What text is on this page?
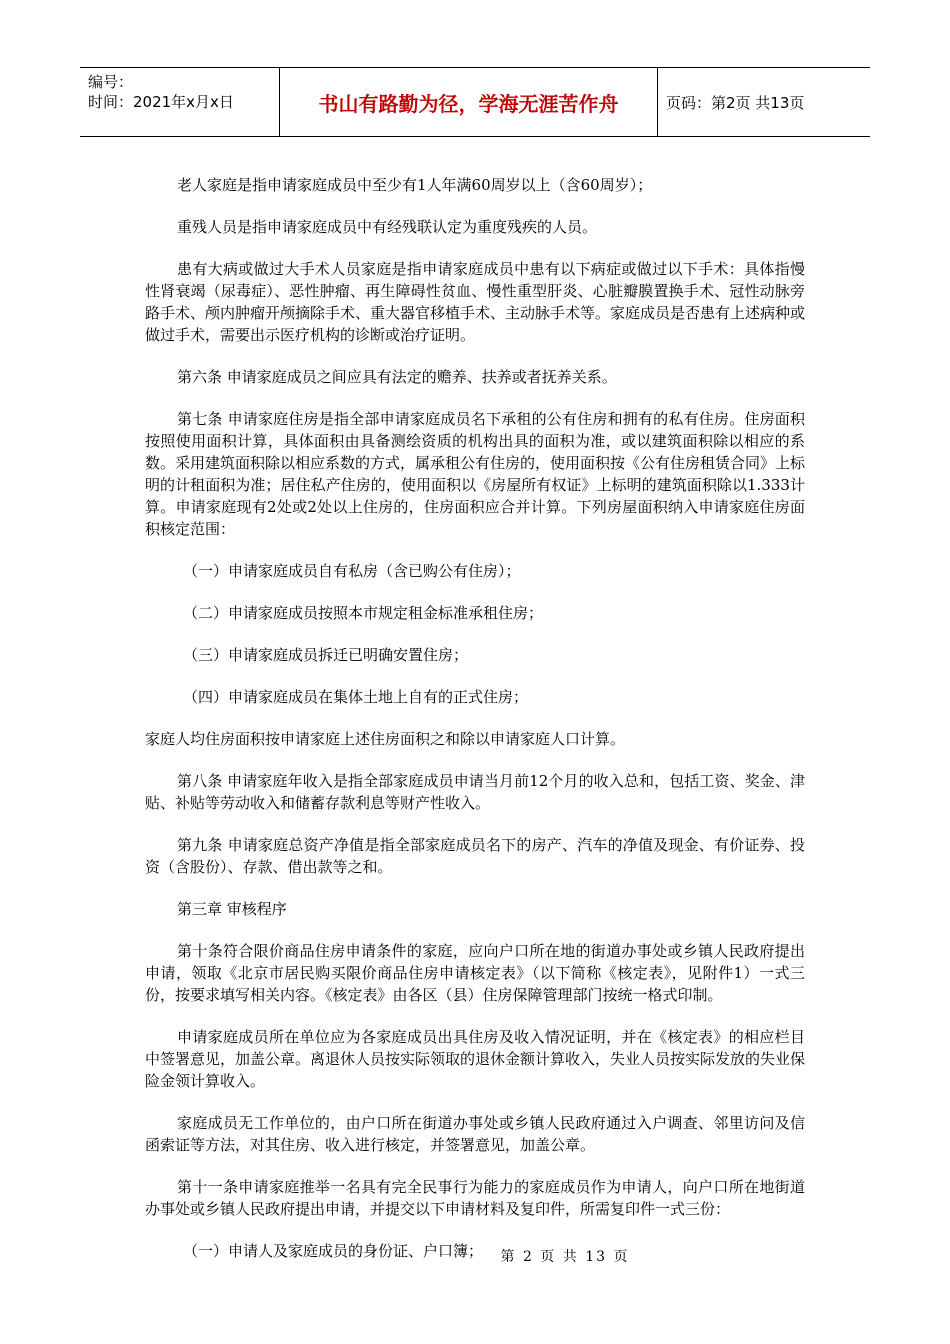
编号：
时间：2021年x月x日	书山有路勤为径，学海无涯苦作舟	页码：第2页 共13页

老人家庭是指申请家庭成员中至少有1人年满60周岁以上（含60周岁）；

重残人员是指申请家庭成员中有经残联认定为重度残疾的人员。

患有大病或做过大手术人员家庭是指申请家庭成员中患有以下病症或做过以下手术：具体指慢性肾衰竭（尿毒症）、恶性肿瘤、再生障碍性贫血、慢性重型肝炎、心脏瓣膜置换手术、冠性动脉旁路手术、颅内肿瘤开颅摘除手术、重大器官移植手术、主动脉手术等。家庭成员是否患有上述病种或做过手术，需要出示医疗机构的诊断或治疗证明。

第六条 申请家庭成员之间应具有法定的赡养、扶养或者抚养关系。

第七条 申请家庭住房是指全部申请家庭成员名下承租的公有住房和拥有的私有住房。住房面积按照使用面积计算，具体面积由具备测绘资质的机构出具的面积为准，或以建筑面积除以相应的系数。采用建筑面积除以相应系数的方式，属承租公有住房的，使用面积按《公有住房租赁合同》上标明的计租面积为准；居住私产住房的，使用面积以《房屋所有权证》上标明的建筑面积除以1.333计算。申请家庭现有2处或2处以上住房的，住房面积应合并计算。下列房屋面积纳入申请家庭住房面积核定范围：

（一）申请家庭成员自有私房（含已购公有住房）；

（二）申请家庭成员按照本市规定租金标准承租住房；

（三）申请家庭成员拆迁已明确安置住房；

（四）申请家庭成员在集体土地上自有的正式住房；

家庭人均住房面积按申请家庭上述住房面积之和除以申请家庭人口计算。

第八条 申请家庭年收入是指全部家庭成员申请当月前12个月的收入总和，包括工资、奖金、津贴、补贴等劳动收入和储蓄存款利息等财产性收入。

第九条 申请家庭总资产净值是指全部家庭成员名下的房产、汽车的净值及现金、有价证券、投资（含股份）、存款、借出款等之和。

第三章 审核程序

第十条符合限价商品住房申请条件的家庭，应向户口所在地的街道办事处或乡镇人民政府提出申请，领取《北京市居民购买限价商品住房申请核定表》（以下简称《核定表》，见附件1）一式三份，按要求填写相关内容。《核定表》由各区（县）住房保障管理部门按统一格式印制。

申请家庭成员所在单位应为各家庭成员出具住房及收入情况证明，并在《核定表》的相应栏目中签署意见，加盖公章。离退休人员按实际领取的退休金额计算收入，失业人员按实际发放的失业保险金领计算收入。

家庭成员无工作单位的，由户口所在街道办事处或乡镇人民政府通过入户调查、邻里访问及信函索证等方法，对其住房、收入进行核定，并签署意见，加盖公章。

第十一条申请家庭推举一名具有完全民事行为能力的家庭成员作为申请人，向户口所在地街道办事处或乡镇人民政府提出申请，并提交以下申请材料及复印件，所需复印件一式三份：

（一）申请人及家庭成员的身份证、户口簿；	第 2 页 共 13 页
